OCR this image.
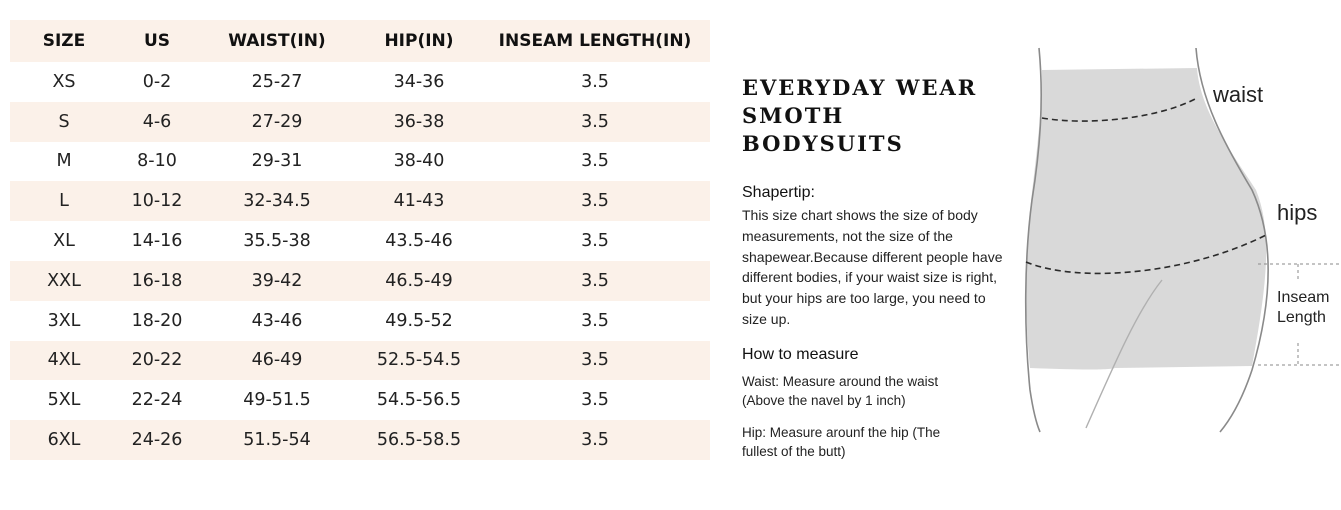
SIZE	US	WAIST(IN)	HIP(IN)	INSEAM LENGTH(IN)
XS	0-2	25-27	34-36	3.5
S	4-6	27-29	36-38	3.5
M	8-10	29-31	38-40	3.5
L	10-12	32-34.5	41-43	3.5
XL	14-16	35.5-38	43.5-46	3.5
XXL	16-18	39-42	46.5-49	3.5
3XL	18-20	43-46	49.5-52	3.5
4XL	20-22	46-49	52.5-54.5	3.5
5XL	22-24	49-51.5	54.5-56.5	3.5
6XL	24-26	51.5-54	56.5-58.5	3.5
EVERYDAY WEAR
SMOTH BODYSUITS
Shapertip:
This size chart shows the size of body measurements, not the size of the shapewear.Because different people have different bodies, if your waist size is right, but your hips are too large, you need to size up.
How to measure
Waist: Measure around the waist (Above the navel by 1 inch)
Hip: Measure arounf the hip (The fullest of the butt)
waist
hips
Inseam
Length
